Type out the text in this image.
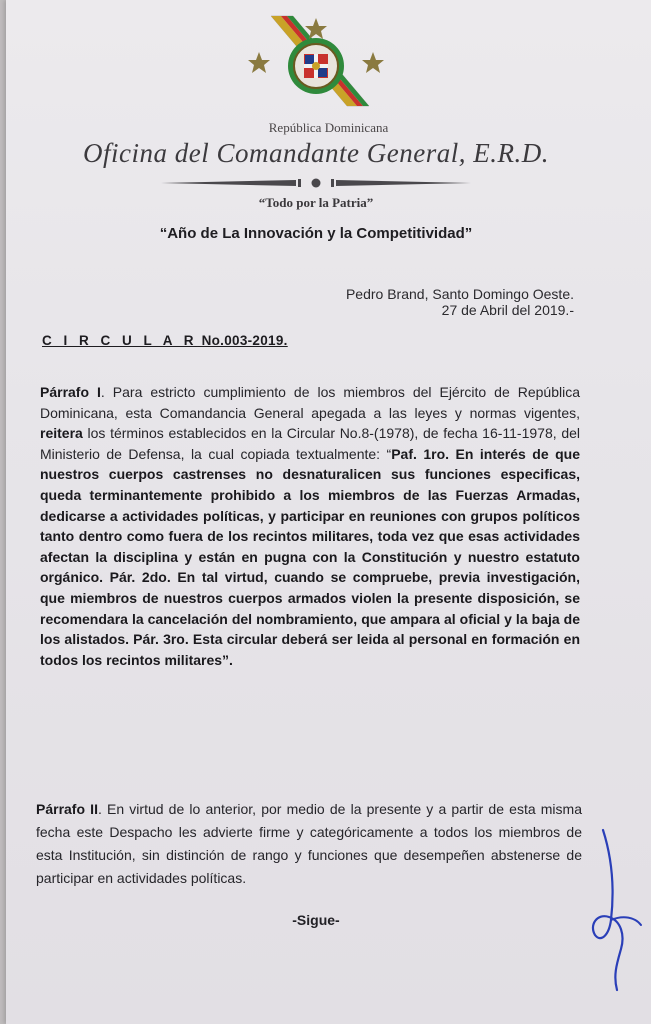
República Dominicana
Oficina del Comandante General, E.R.D.
“Todo por la Patria”
“Año de La Innovación y la Competitividad”
Pedro Brand, Santo Domingo Oeste.
27 de Abril del 2019.-
C I R C U L A R No.003-2019.
Párrafo I. Para estricto cumplimiento de los miembros del Ejército de República Dominicana, esta Comandancia General apegada a las leyes y normas vigentes, reitera los términos establecidos en la Circular No.8-(1978), de fecha 16-11-1978, del Ministerio de Defensa, la cual copiada textualmente: “Paf. 1ro. En interés de que nuestros cuerpos castrenses no desnaturalicen sus funciones especificas, queda terminantemente prohibido a los miembros de las Fuerzas Armadas, dedicarse a actividades políticas, y participar en reuniones con grupos políticos tanto dentro como fuera de los recintos militares, toda vez que esas actividades afectan la disciplina y están en pugna con la Constitución y nuestro estatuto orgánico. Pár. 2do. En tal virtud, cuando se compruebe, previa investigación, que miembros de nuestros cuerpos armados violen la presente disposición, se recomendara la cancelación del nombramiento, que ampara al oficial y la baja de los alistados. Pár. 3ro. Esta circular deberá ser leida al personal en formación en todos los recintos militares”.
Párrafo II. En virtud de lo anterior, por medio de la presente y a partir de esta misma fecha este Despacho les advierte firme y categóricamente a todos los miembros de esta Institución, sin distinción de rango y funciones que desempeñen abstenerse de participar en actividades políticas.
-Sigue-
